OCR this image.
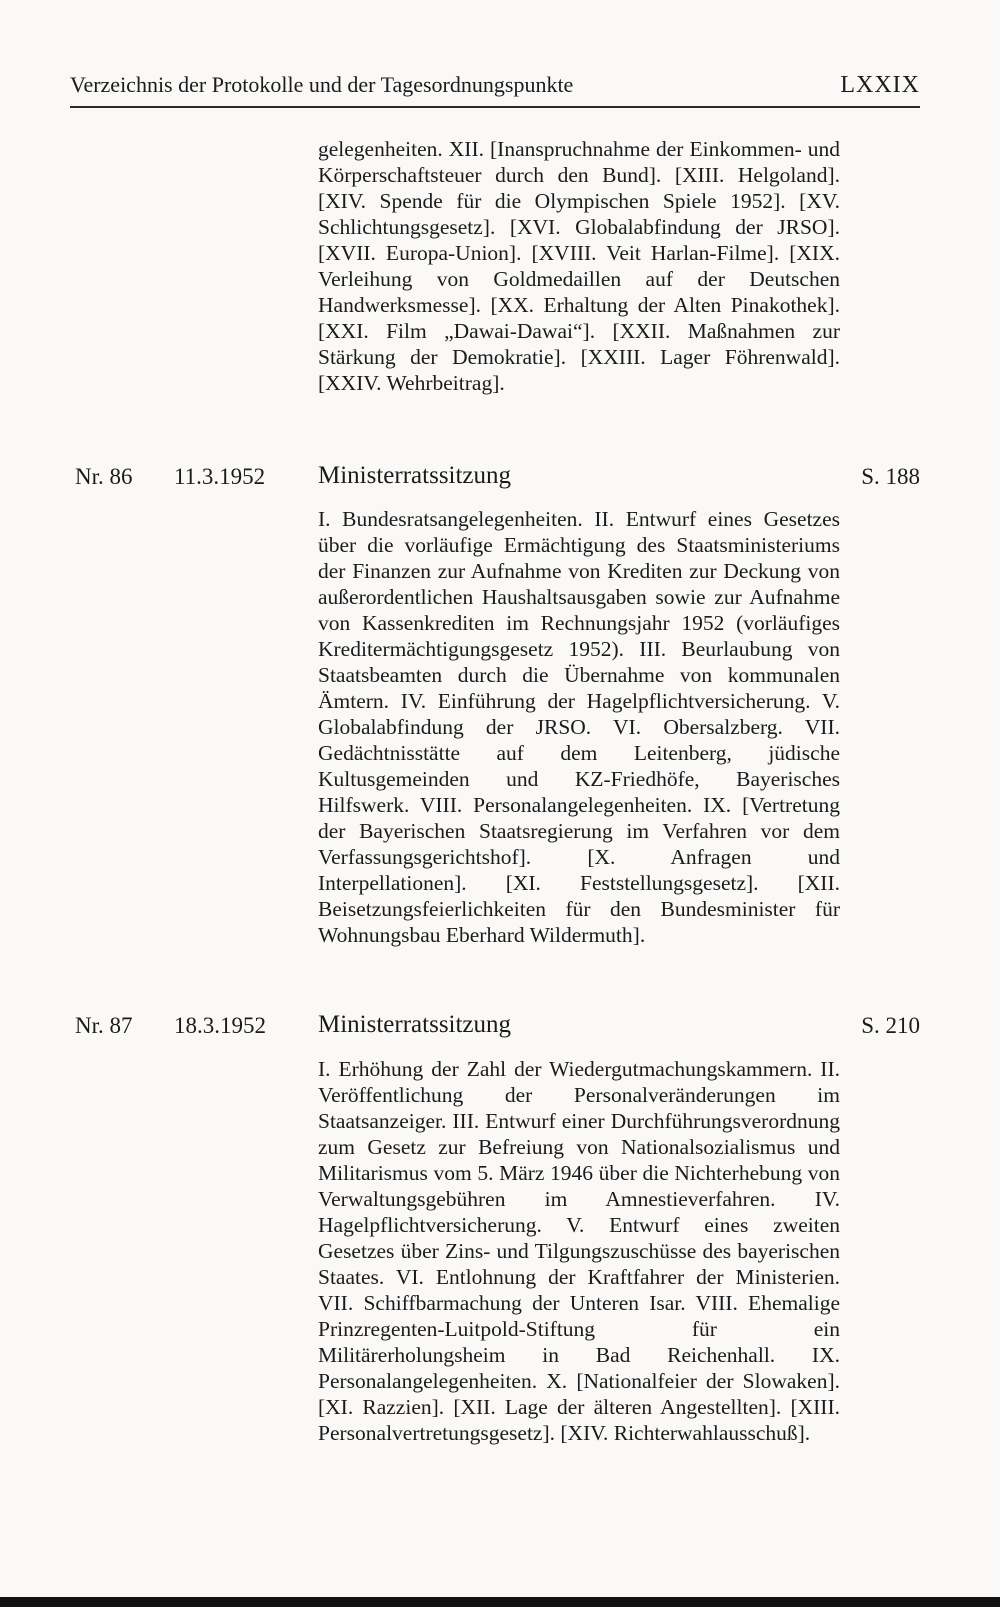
Verzeichnis der Protokolle und der Tagesordnungspunkte	LXXIX
gelegenheiten. XII. [Inanspruchnahme der Einkommen- und Körperschaftsteuer durch den Bund]. [XIII. Helgoland]. [XIV. Spende für die Olympischen Spiele 1952]. [XV. Schlichtungsgesetz]. [XVI. Globalabfindung der JRSO]. [XVII. Europa-Union]. [XVIII. Veit Harlan-Filme]. [XIX. Verleihung von Goldmedaillen auf der Deutschen Handwerksmesse]. [XX. Erhaltung der Alten Pinakothek]. [XXI. Film „Dawai-Dawai“]. [XXII. Maßnahmen zur Stärkung der Demokratie]. [XXIII. Lager Föhrenwald]. [XXIV. Wehrbeitrag].
Nr. 86 11.3.1952 Ministerratssitzung	S. 188
I. Bundesratsangelegenheiten. II. Entwurf eines Gesetzes über die vorläufige Ermächtigung des Staatsministeriums der Finanzen zur Aufnahme von Krediten zur Deckung von außerordentlichen Haushaltsausgaben sowie zur Aufnahme von Kassenkrediten im Rechnungsjahr 1952 (vorläufiges Kreditermächtigungsgesetz 1952). III. Beurlaubung von Staatsbeamten durch die Übernahme von kommunalen Ämtern. IV. Einführung der Hagelpflichtversicherung. V. Globalabfindung der JRSO. VI. Obersalzberg. VII. Gedächtnisstätte auf dem Leitenberg, jüdische Kultusgemeinden und KZ-Friedhöfe, Bayerisches Hilfswerk. VIII. Personalangelegenheiten. IX. [Vertretung der Bayerischen Staatsregierung im Verfahren vor dem Verfassungsgerichtshof]. [X. Anfragen und Interpellationen]. [XI. Feststellungsgesetz]. [XII. Beisetzungsfeierlichkeiten für den Bundesminister für Wohnungsbau Eberhard Wildermuth].
Nr. 87 18.3.1952 Ministerratssitzung	S. 210
I. Erhöhung der Zahl der Wiedergutmachungskammern. II. Veröffentlichung der Personalveränderungen im Staatsanzeiger. III. Entwurf einer Durchführungsverordnung zum Gesetz zur Befreiung von Nationalsozialismus und Militarismus vom 5. März 1946 über die Nichterhebung von Verwaltungsgebühren im Amnestieverfahren. IV. Hagelpflichtversicherung. V. Entwurf eines zweiten Gesetzes über Zins- und Tilgungszuschüsse des bayerischen Staates. VI. Entlohnung der Kraftfahrer der Ministerien. VII. Schiffbarmachung der Unteren Isar. VIII. Ehemalige Prinzregenten-Luitpold-Stiftung für ein Militärerholungsheim in Bad Reichenhall. IX. Personalangelegenheiten. X. [Nationalfeier der Slowaken]. [XI. Razzien]. [XII. Lage der älteren Angestellten]. [XIII. Personalvertretungsgesetz]. [XIV. Richterwahlausschuß].
